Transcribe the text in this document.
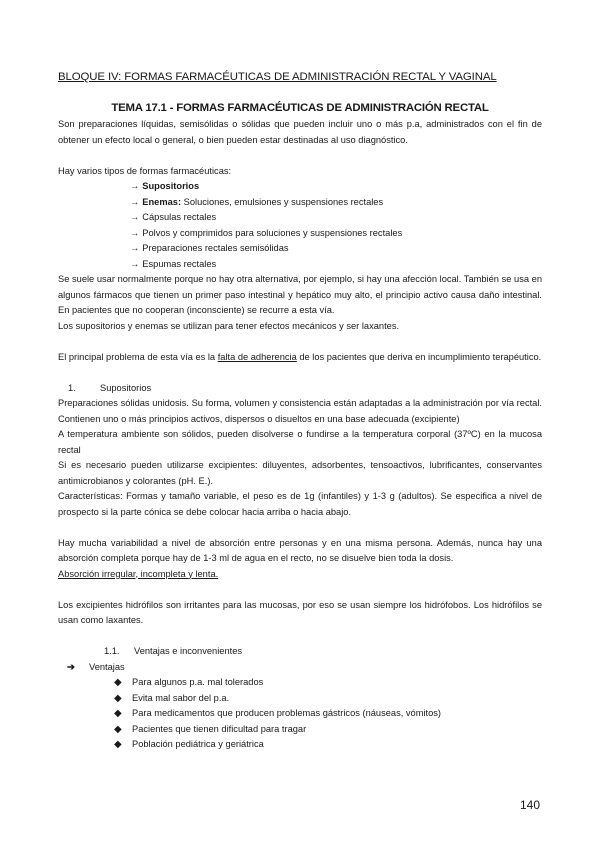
BLOQUE IV: FORMAS FARMACÉUTICAS DE ADMINISTRACIÓN RECTAL Y VAGINAL
TEMA 17.1 - FORMAS FARMACÉUTICAS DE ADMINISTRACIÓN RECTAL

Son preparaciones líquidas, semisólidas o sólidas que pueden incluir uno o más p.a, administrados con el fin de obtener un efecto local o general, o bien pueden estar destinadas al uso diagnóstico.

Hay varios tipos de formas farmacéuticas:

→ Supositorios
→ Enemas: Soluciones, emulsiones y suspensiones rectales
→ Cápsulas rectales
→ Polvos y comprimidos para soluciones y suspensiones rectales
→ Preparaciones rectales semisólidas
→ Espumas rectales

Se suele usar normalmente porque no hay otra alternativa, por ejemplo, si hay una afección local. También se usa en algunos fármacos que tienen un primer paso intestinal y hepático muy alto, el principio activo causa daño intestinal. En pacientes que no cooperan (inconsciente) se recurre a esta vía.

Los supositorios y enemas se utilizan para tener efectos mecánicos y ser laxantes.

El principal problema de esta vía es la falta de adherencia de los pacientes que deriva en incumplimiento terapéutico.

1.	Supositorios

Preparaciones sólidas unidosis. Su forma, volumen y consistencia están adaptadas a la administración por vía rectal. Contienen uno o más principios activos, dispersos o disueltos en una base adecuada (excipiente)

A temperatura ambiente son sólidos, pueden disolverse o fundirse a la temperatura corporal (37ºC) en la mucosa rectal

Si es necesario pueden utilizarse excipientes: diluyentes, adsorbentes, tensoactivos, lubrificantes, conservantes antimicrobianos y colorantes (pH. E.).

Características: Formas y tamaño variable, el peso es de 1g (infantiles) y 1-3 g (adultos). Se especifica a nivel de prospecto si la parte cónica se debe colocar hacia arriba o hacia abajo.

Hay mucha variabilidad a nivel de absorción entre personas y en una misma persona. Además, nunca hay una absorción completa porque hay de 1-3 ml de agua en el recto, no se disuelve bien toda la dosis.

Absorción irregular, incompleta y lenta.

Los excipientes hidrófilos son irritantes para las mucosas, por eso se usan siempre los hidrófobos. Los hidrófilos se usan como laxantes.

1.1. Ventajas e inconvenientes
➔ Ventajas
◆ Para algunos p.a. mal tolerados
◆ Evita mal sabor del p.a.
◆ Para medicamentos que producen problemas gástricos (náuseas, vómitos)
◆ Pacientes que tienen dificultad para tragar
◆ Población pediátrica y geriátrica
140
